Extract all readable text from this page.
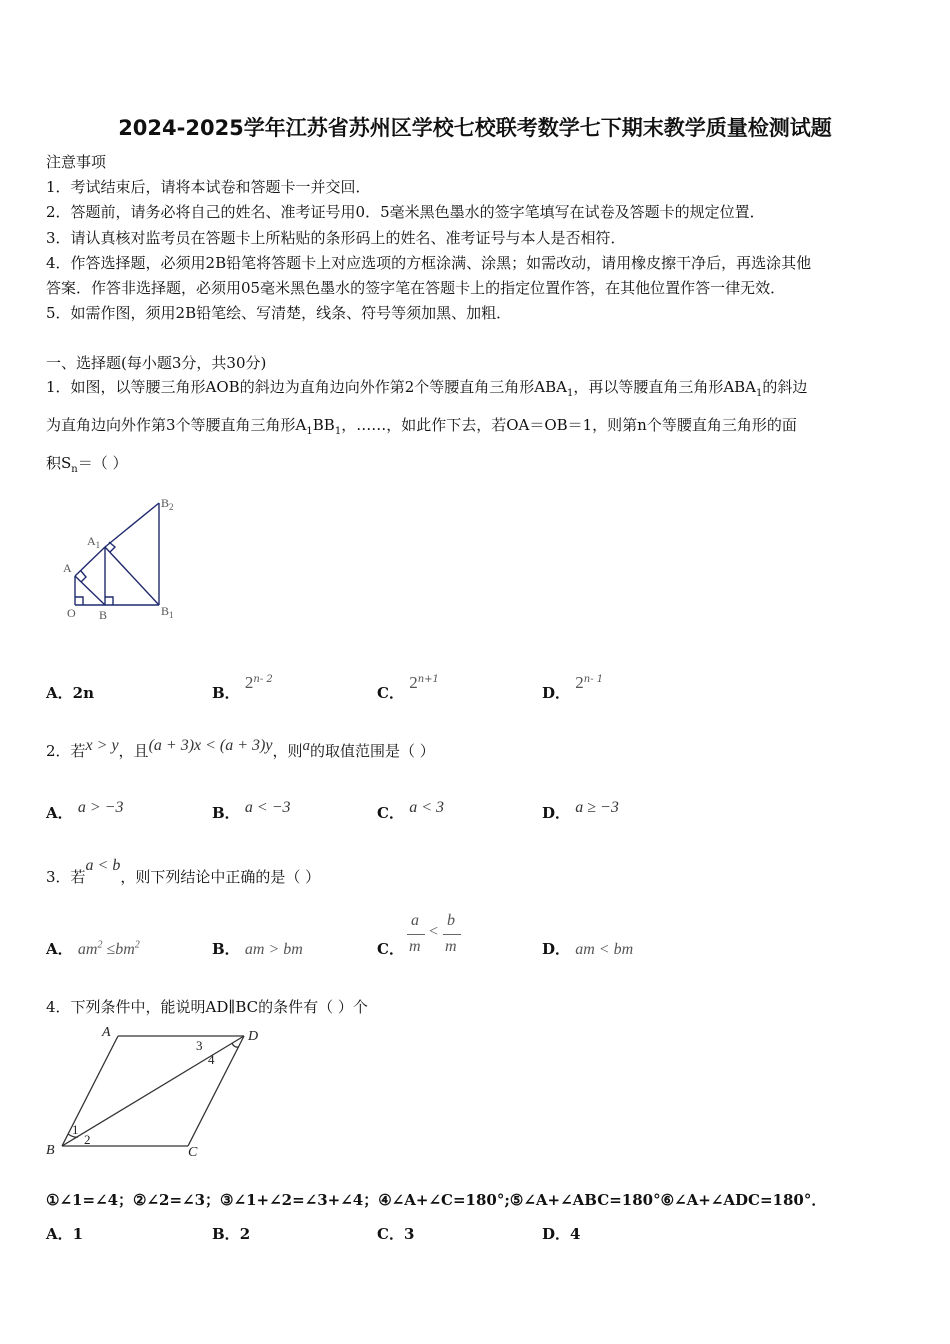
2024-2025学年江苏省苏州区学校七校联考数学七下期末教学质量检测试题
注意事项
1．考试结束后，请将本试卷和答题卡一并交回．
2．答题前，请务必将自己的姓名、准考证号用0．5毫米黑色墨水的签字笔填写在试卷及答题卡的规定位置．
3．请认真核对监考员在答题卡上所粘贴的条形码上的姓名、准考证号与本人是否相符．
4．作答选择题，必须用2B铅笔将答题卡上对应选项的方框涂满、涂黑；如需改动，请用橡皮擦干净后，再选涂其他
答案．作答非选择题，必须用05毫米黑色墨水的签字笔在答题卡上的指定位置作答，在其他位置作答一律无效．
5．如需作图，须用2B铅笔绘、写清楚，线条、符号等须加黑、加粗．
一、选择题(每小题3分，共30分)
1．如图，以等腰三角形AOB的斜边为直角边向外作第2个等腰直角三角形$ABA_1$，再以等腰直角三角形$ABA_1$的斜边
为直角边向外作第3个等腰直角三角形$A_1BB_1$，……，如此作下去，若OA＝OB＝1，则第n个等腰直角三角形的面
积$S_n=$（ ）
$B_2$
$A_1$
A
O B	$B_1$
A．2n	B． 2$^{n- 2}$
C． $2^{n+1}$
D． 2$^{n- 1}$
2．若x > y，且(a + 3)x < (a + 3)y，则a的取值范围是（ ）
A． a > −3	B． a < −3	C． a < 3	D． a ≥ −3
3．若a < b，则下列结论中正确的是（ ）
A． $am^2 \le bm^2$	B． am > bm	C．
a
m
<
b
m	D． am < bm
4．下列条件中，能说明AD∥BC的条件有（ ）个
A	D
B	C
1
2
3
4
①∠1=∠4；②∠2=∠3；③∠1+∠2=∠3+∠4；④∠A+∠C=180°;⑤∠A+∠ABC=180°⑥∠A+∠ADC=180°．
A．1	B．2	C．3	D．4
